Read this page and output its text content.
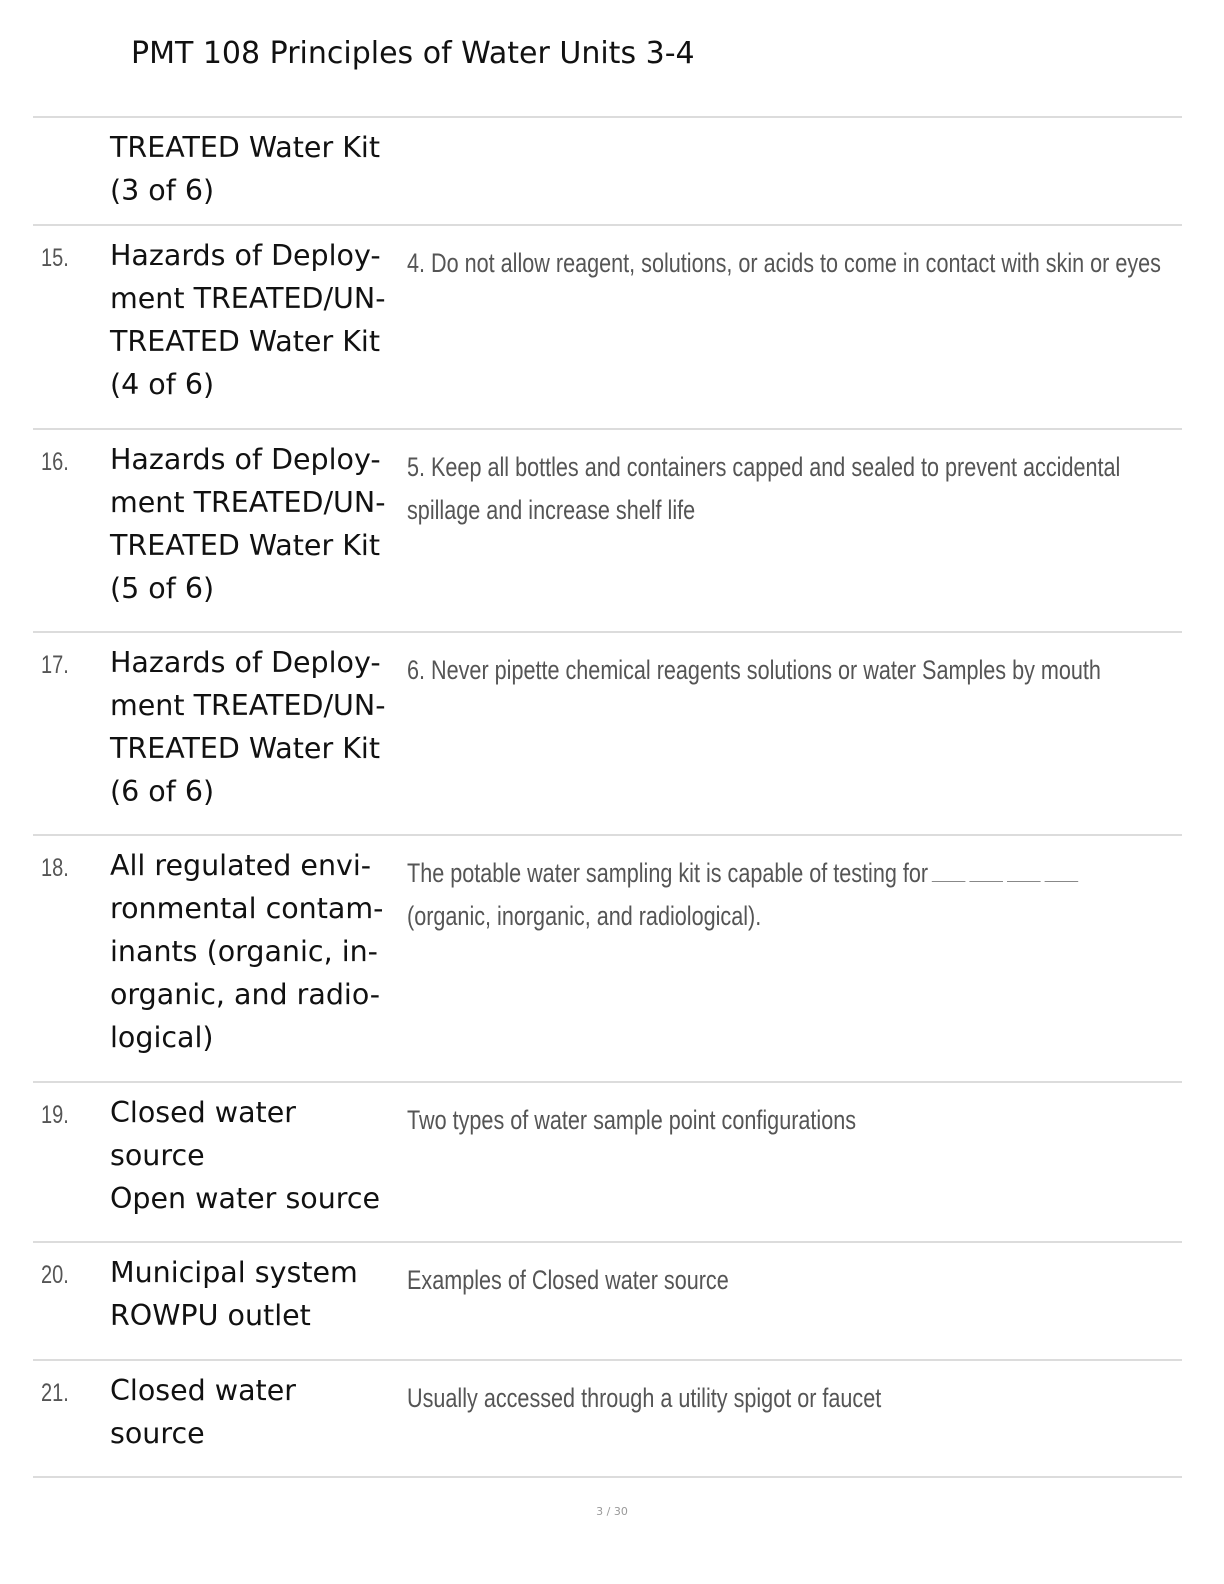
PMT 108 Principles of Water Units 3-4
TREATED Water Kit
(3 of 6)
15. Hazards of Deploy-
ment TREATED/UN-
TREATED Water Kit
(4 of 6)
4. Do not allow reagent, solutions, or acids to come in contact with skin or eyes
16. Hazards of Deploy-
ment TREATED/UN-
TREATED Water Kit
(5 of 6)
5. Keep all bottles and containers capped and sealed to prevent accidental
spillage and increase shelf life
17. Hazards of Deploy-
ment TREATED/UN-
TREATED Water Kit
(6 of 6)
6. Never pipette chemical reagents solutions or water Samples by mouth
18. All regulated envi-
ronmental contam-
inants (organic, in-
organic, and radio-
logical)
The potable water sampling kit is capable of testing for
(organic, inorganic, and radiological).
19. Closed water
source
Open water source
Two types of water sample point configurations
20. Municipal system
ROWPU outlet
Examples of Closed water source
21. Closed water
source
Usually accessed through a utility spigot or faucet
3 / 30
